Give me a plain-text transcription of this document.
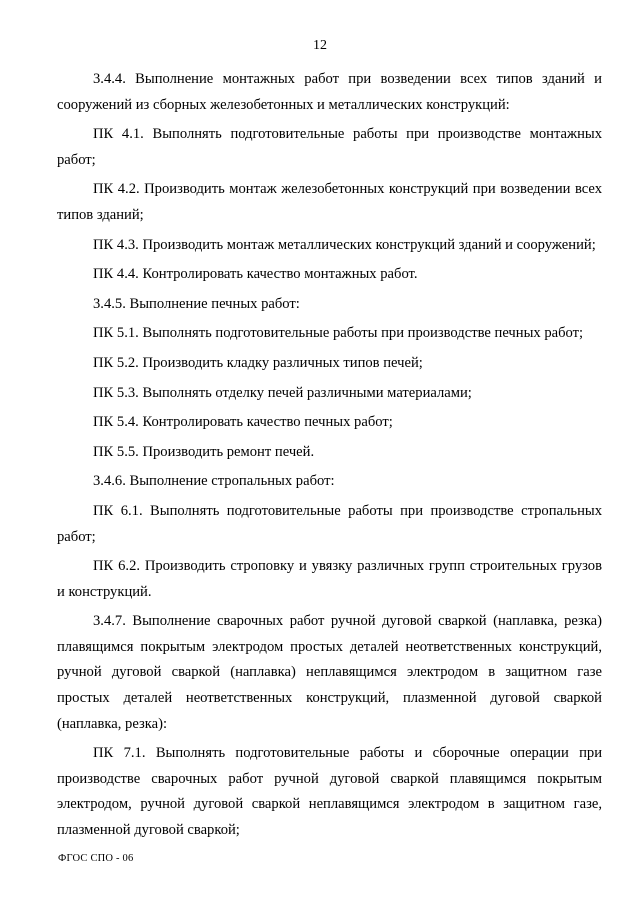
12

3.4.4. Выполнение монтажных работ при возведении всех типов зданий и сооружений из сборных железобетонных и металлических конструкций:

ПК 4.1. Выполнять подготовительные работы при производстве монтажных работ;

ПК 4.2. Производить монтаж железобетонных конструкций при возведении всех типов зданий;

ПК 4.3. Производить монтаж металлических конструкций зданий и сооружений;

ПК 4.4. Контролировать качество монтажных работ.

3.4.5. Выполнение печных работ:

ПК 5.1. Выполнять подготовительные работы при производстве печных работ;

ПК 5.2. Производить кладку различных типов печей;

ПК 5.3. Выполнять отделку печей различными материалами;

ПК 5.4. Контролировать качество печных работ;

ПК 5.5. Производить ремонт печей.

3.4.6. Выполнение стропальных работ:

ПК 6.1. Выполнять подготовительные работы при производстве стропальных работ;

ПК 6.2. Производить строповку и увязку различных групп строительных грузов и конструкций.

3.4.7. Выполнение сварочных работ ручной дуговой сваркой (наплавка, резка) плавящимся покрытым электродом простых деталей неответственных конструкций, ручной дуговой сваркой (наплавка) неплавящимся электродом в защитном газе простых деталей неответственных конструкций, плазменной дуговой сваркой (наплавка, резка):

ПК 7.1. Выполнять подготовительные работы и сборочные операции при производстве сварочных работ ручной дуговой сваркой плавящимся покрытым электродом, ручной дуговой сваркой неплавящимся электродом в защитном газе, плазменной дуговой сваркой;

ФГОС СПО - 06
